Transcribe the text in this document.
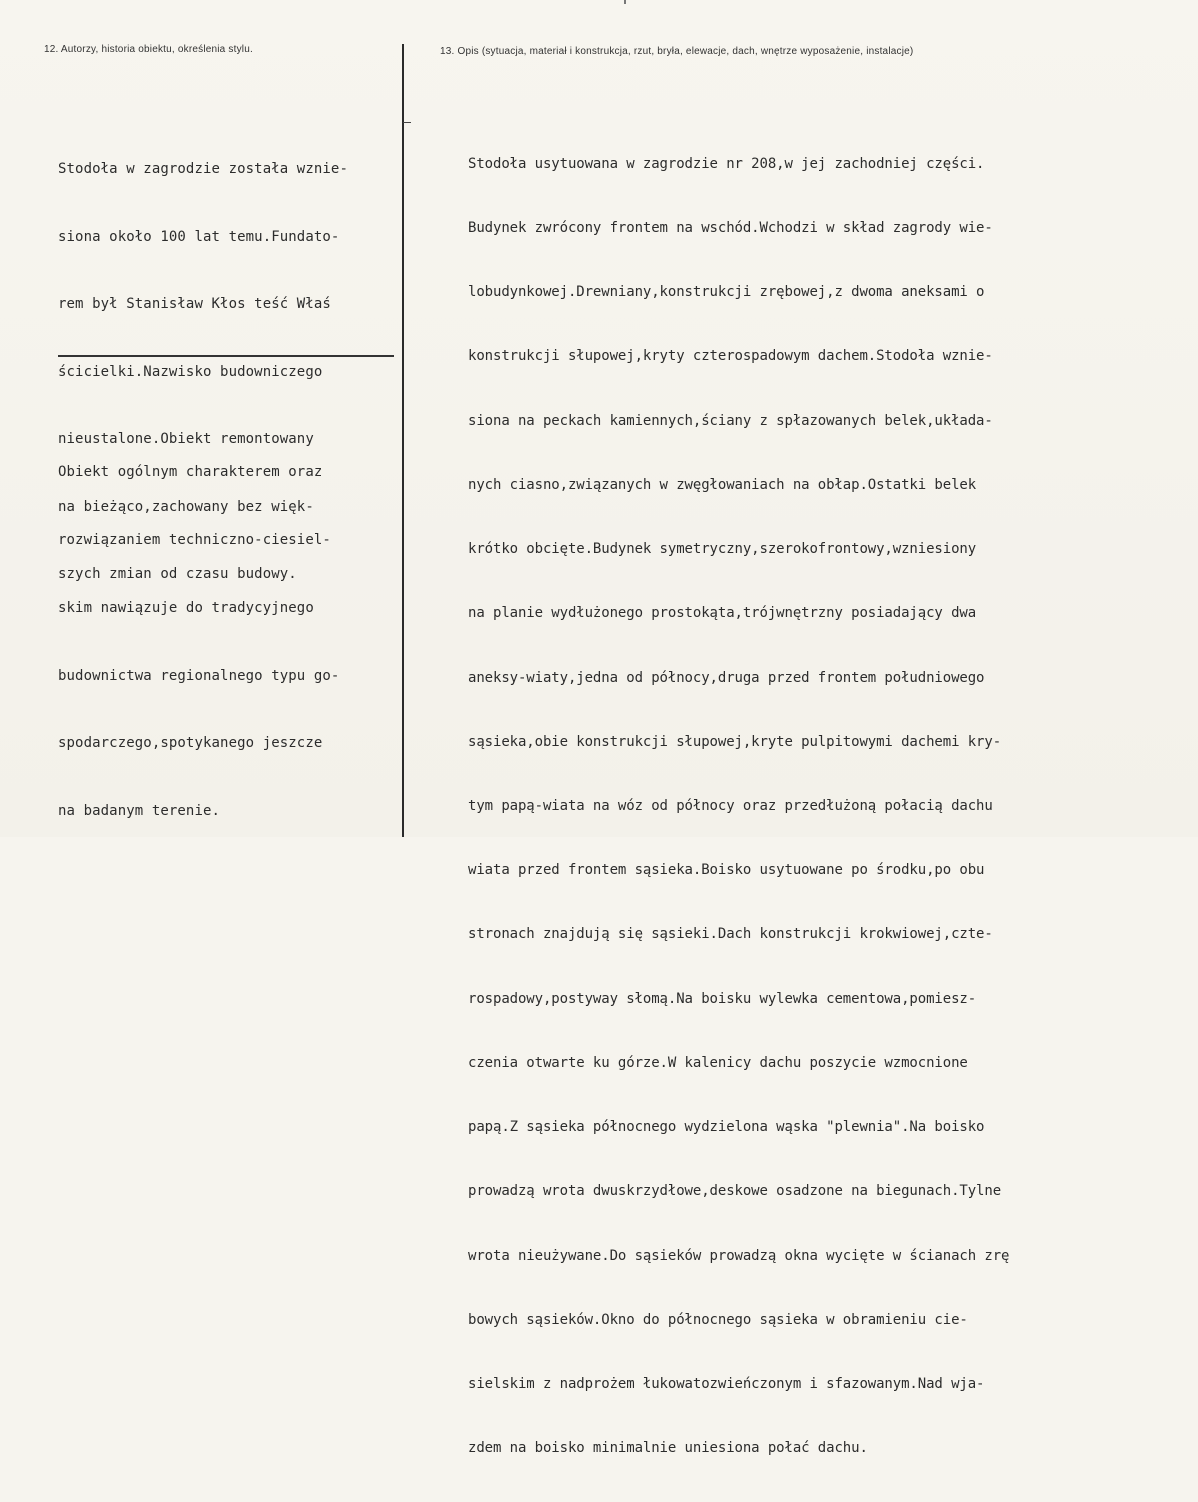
12. Autorzy, historia obiektu, określenia stylu.	13. Opis (sytuacja, materiał i konstrukcja, rzut, bryła, elewacje, dach, wnętrze wyposażenie, instalacje)

Stodoła w zagrodzie została wznie-

siona około 100 lat temu.Fundato-

rem był Stanisław Kłos teść Właś

ścicielki.Nazwisko budowniczego

nieustalone.Obiekt remontowany

na bieżąco,zachowany bez więk-

szych zmian od czasu budowy.

Obiekt ogólnym charakterem oraz

rozwiązaniem techniczno-ciesiel-

skim nawiązuje do tradycyjnego

budownictwa regionalnego typu go-

spodarczego,spotykanego jeszcze

na badanym terenie.

Stodoła usytuowana w zagrodzie nr 208,w jej zachodniej części.

Budynek zwrócony frontem na wschód.Wchodzi w skład zagrody wie-

lobudynkowej.Drewniany,konstrukcji zrębowej,z dwoma aneksami o

konstrukcji słupowej,kryty czterospadowym dachem.Stodoła wznie-

siona na peckach kamiennych,ściany z spłazowanych belek,układa-

nych ciasno,związanych w zwęgłowaniach na obłap.Ostatki belek

krótko obcięte.Budynek symetryczny,szerokofrontowy,wzniesiony

na planie wydłużonego prostokąta,trójwnętrzny posiadający dwa

aneksy-wiaty,jedna od północy,druga przed frontem południowego

sąsieka,obie konstrukcji słupowej,kryte pulpitowymi dachemi kry-

tym papą-wiata na wóz od północy oraz przedłużoną połacią dachu

wiata przed frontem sąsieka.Boisko usytuowane po środku,po obu

stronach znajdują się sąsieki.Dach konstrukcji krokwiowej,czte-

rospadowy,postyway słomą.Na boisku wylewka cementowa,pomiesz-

czenia otwarte ku górze.W kalenicy dachu poszycie wzmocnione

papą.Z sąsieka północnego wydzielona wąska "plewnia".Na boisko

prowadzą wrota dwuskrzydłowe,deskowe osadzone na biegunach.Tylne

wrota nieużywane.Do sąsieków prowadzą okna wycięte w ścianach zrę

bowych sąsieków.Okno do północnego sąsieka w obramieniu cie-

sielskim z nadprożem łukowatozwieńczonym i sfazowanym.Nad wja-

zdem na boisko minimalnie uniesiona połać dachu.
